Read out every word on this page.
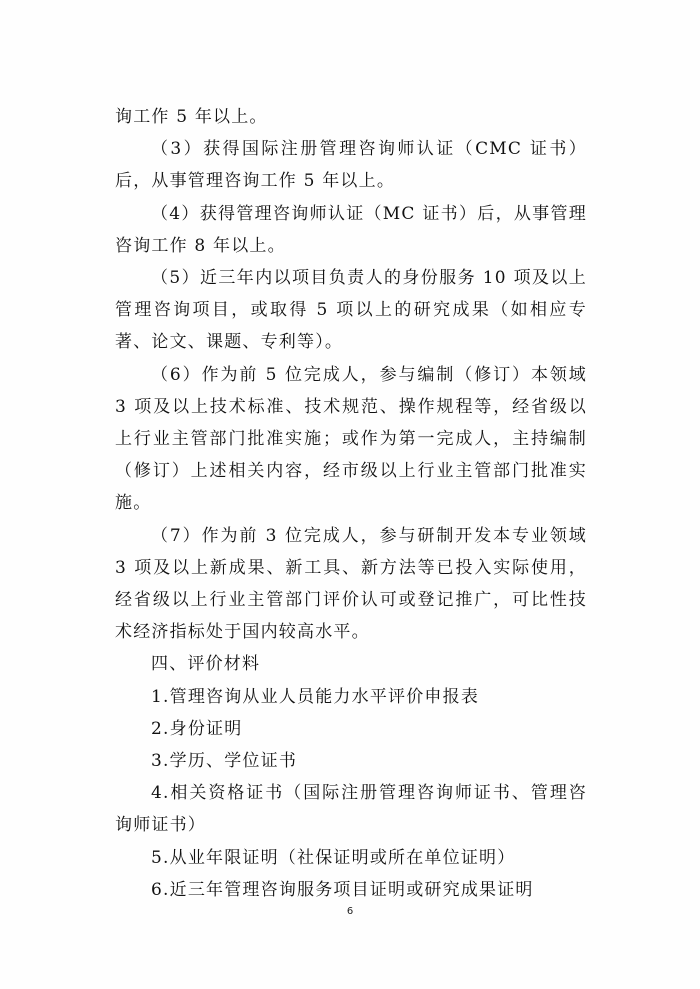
询工作 5 年以上。

（3）获得国际注册管理咨询师认证（CMC 证书）后，从事管理咨询工作 5 年以上。

（4）获得管理咨询师认证（MC 证书）后，从事管理咨询工作 8 年以上。

（5）近三年内以项目负责人的身份服务 10 项及以上管理咨询项目，或取得 5 项以上的研究成果（如相应专著、论文、课题、专利等）。

（6）作为前 5 位完成人，参与编制（修订）本领域 3 项及以上技术标准、技术规范、操作规程等，经省级以上行业主管部门批准实施；或作为第一完成人，主持编制（修订）上述相关内容，经市级以上行业主管部门批准实施。

（7）作为前 3 位完成人，参与研制开发本专业领域 3 项及以上新成果、新工具、新方法等已投入实际使用，经省级以上行业主管部门评价认可或登记推广，可比性技术经济指标处于国内较高水平。

四、评价材料

1.管理咨询从业人员能力水平评价申报表

2.身份证明

3.学历、学位证书

4.相关资格证书（国际注册管理咨询师证书、管理咨询师证书）

5.从业年限证明（社保证明或所在单位证明）

6.近三年管理咨询服务项目证明或研究成果证明

6
